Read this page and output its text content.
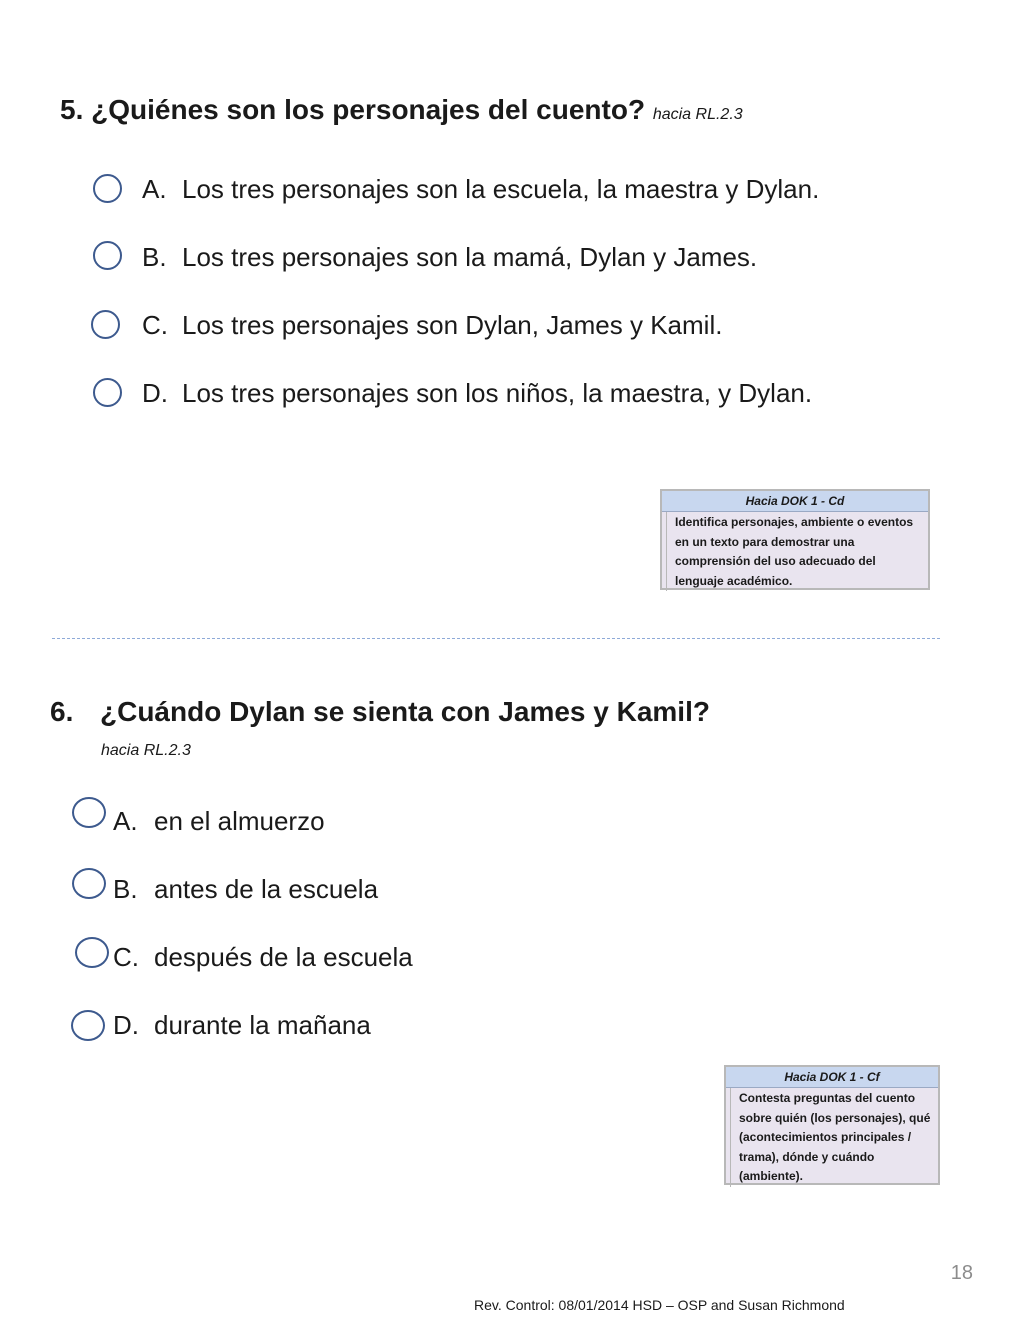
5. ¿Quiénes son los personajes del cuento? hacia RL.2.3
A. Los tres personajes son la escuela, la maestra y Dylan.
B. Los tres personajes son la mamá, Dylan y James.
C. Los tres personajes son Dylan, James y Kamil.
D. Los tres personajes son los niños, la maestra, y Dylan.
Hacia DOK 1 - Cd
Identifica personajes, ambiente o eventos
en un texto para demostrar una
comprensión del uso adecuado del
lenguaje académico.
6. ¿Cuándo Dylan se sienta con James y Kamil?
hacia RL.2.3
A. en el almuerzo
B. antes de la escuela
C. después de la escuela
D. durante la mañana
Hacia DOK 1 - Cf
Contesta preguntas del cuento
sobre quién (los personajes), qué
(acontecimientos principales /
trama), dónde y cuándo
(ambiente).
18
Rev. Control: 08/01/2014 HSD – OSP and Susan Richmond
